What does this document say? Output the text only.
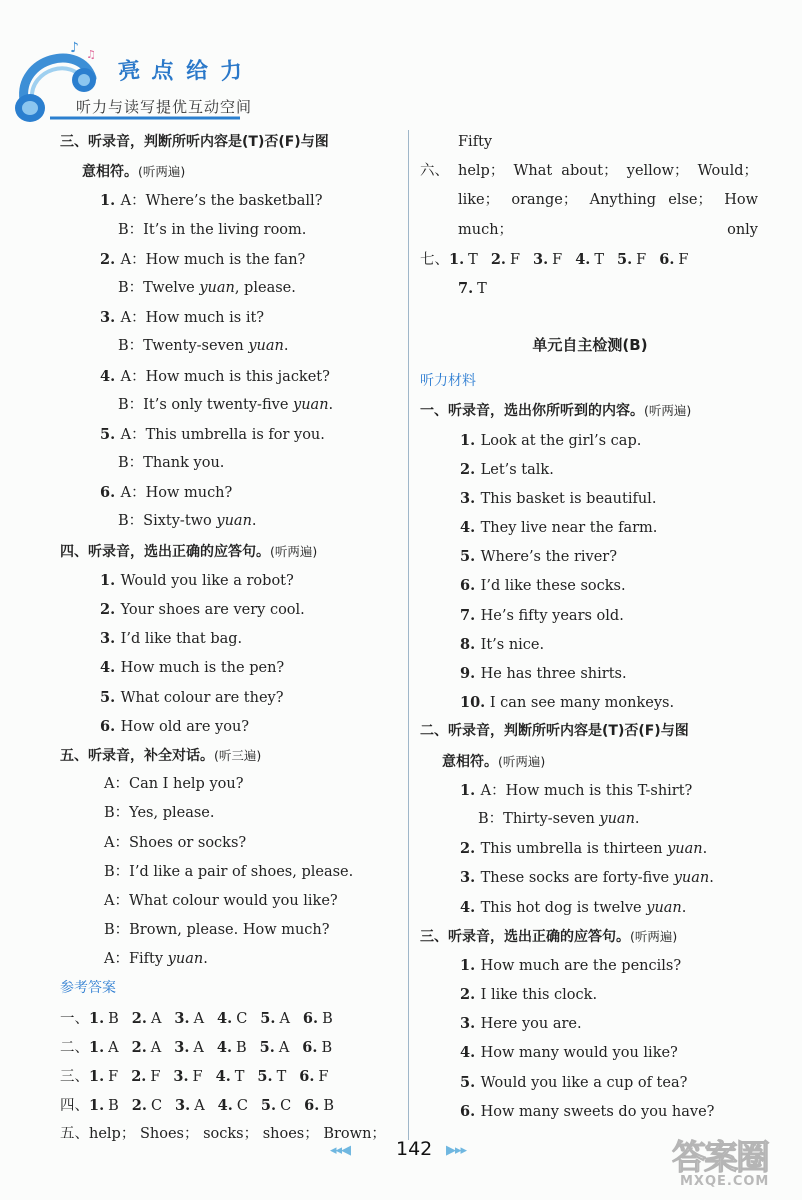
♪ ♫
亮 点 给 力
听力与读写提优互动空间
三、听录音，判断所听内容是(T)否(F)与图
意相符。(听两遍)
1. A：Where’s the basketball?
B：It’s in the living room.
2. A：How much is the fan?
B：Twelve yuan, please.
3. A：How much is it?
B：Twenty-seven yuan.
4. A：How much is this jacket?
B：It’s only twenty-five yuan.
5. A：This umbrella is for you.
B：Thank you.
6. A：How much?
B：Sixty-two yuan.
四、听录音，选出正确的应答句。(听两遍)
1. Would you like a robot?
2. Your shoes are very cool.
3. I’d like that bag.
4. How much is the pen?
5. What colour are they?
6. How old are you?
五、听录音，补全对话。(听三遍)
A：Can I help you?
B：Yes, please.
A：Shoes or socks?
B：I’d like a pair of shoes, please.
A：What colour would you like?
B：Brown, please. How much?
A：Fifty yuan.
参考答案
一、1. B 2. A 3. A 4. C 5. A 6. B
二、1. A 2. A 3. A 4. B 5. A 6. B
三、1. F 2. F 3. F 4. T 5. T 6. F
四、1. B 2. C 3. A 4. C 5. C 6. B
五、help； Shoes； socks； shoes； Brown；
Fifty
六、 help； What about； yellow； Would； like； orange； Anything else； How much； only
七、1. T 2. F 3. F 4. T 5. F 6. F
7. T
单元自主检测(B)
听力材料
一、听录音，选出你所听到的内容。(听两遍)
1. Look at the girl’s cap.
2. Let’s talk.
3. This basket is beautiful.
4. They live near the farm.
5. Where’s the river?
6. I’d like these socks.
7. He’s fifty years old.
8. It’s nice.
9. He has three shirts.
10. I can see many monkeys.
二、听录音，判断所听内容是(T)否(F)与图
意相符。(听两遍)
1. A：How much is this T-shirt?
B：Thirty-seven yuan.
2. This umbrella is thirteen yuan.
3. These socks are forty-five yuan.
4. This hot dog is twelve yuan.
三、听录音，选出正确的应答句。(听两遍)
1. How much are the pencils?
2. I like this clock.
3. Here you are.
4. How many would you like?
5. Would you like a cup of tea?
6. How many sweets do you have?
◂◂◀ 142 ▶▸▸	答案圈
MXQE.COM
